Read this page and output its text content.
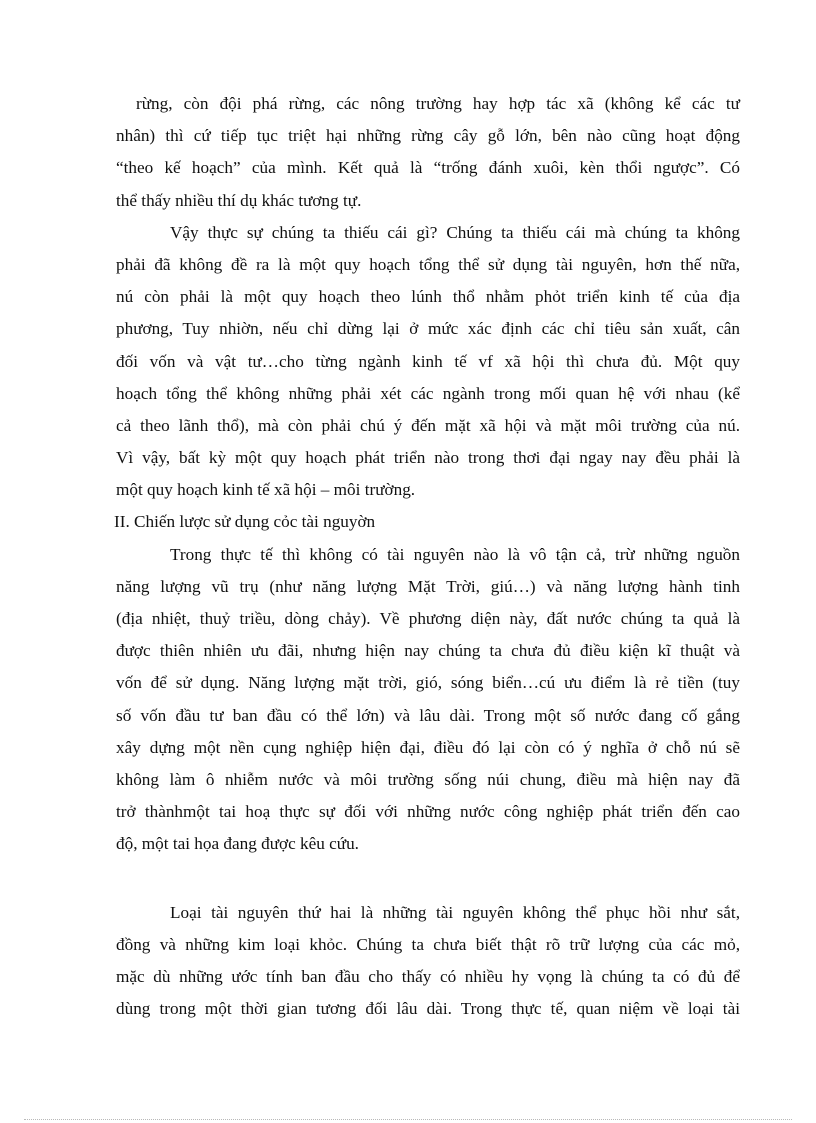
rừng, còn đội phá rừng, các nông trường hay hợp tác xã (không kể các tư
nhân) thì cứ tiếp tục triệt hại những rừng cây gỗ lớn, bên nào cũng hoạt động
“theo kế hoạch” của mình. Kết quả là “trống đánh xuôi, kèn thổi ngược”. Có
thể thấy nhiều thí dụ khác tương tự.
Vậy thực sự chúng ta thiếu cái gì? Chúng ta thiếu cái mà chúng ta không
phải đã không đề ra là một quy hoạch tổng thể sử dụng tài nguyên, hơn thế nữa,
nú còn phải là một quy hoạch theo lúnh thổ nhằm phỏt triển kinh tế của địa
phương, Tuy nhiờn, nếu chỉ dừng lại ở mức xác định các chỉ tiêu sản xuất, cân
đối vốn và vật tư…cho từng ngành kinh tế vf xã hội thì chưa đủ. Một quy
hoạch tổng thể không những phải xét các ngành trong mối quan hệ với nhau (kể
cả theo lãnh thổ), mà còn phải chú ý đến mặt xã hội và mặt môi trường của nú.
Vì vậy, bất kỳ một quy hoạch phát triển nào trong thơi đại ngay nay đều phải là
một quy hoạch kinh tế xã hội – môi trường.
II. Chiến lược sử dụng cỏc tài nguyờn
Trong thực tế thì không có tài nguyên nào là vô tận cả, trừ những nguồn
năng lượng vũ trụ (như năng lượng Mặt Trời, giú…) và năng lượng hành tinh
(địa nhiệt, thuỷ triều, dòng chảy). Về phương diện này, đất nước chúng ta quả là
được thiên nhiên ưu đãi, nhưng hiện nay chúng ta chưa đủ điều kiện kĩ thuật và
vốn để sử dụng. Năng lượng mặt trời, gió, sóng biển…cú ưu điểm là rẻ tiền (tuy
số vốn đầu tư ban đầu có thể lớn) và lâu dài. Trong một số nước đang cố gắng
xây dựng một nền cụng nghiệp hiện đại, điều đó lại còn có ý nghĩa ở chỗ nú sẽ
không làm ô nhiễm nước và môi trường sống núi chung, điều mà hiện nay đã
trở thànhmột tai hoạ thực sự đối với những nước công nghiệp phát triển đến cao
độ, một tai họa đang được kêu cứu.
Loại tài nguyên thứ hai là những tài nguyên không thể phục hồi như sắt,
đồng và những kim loại khỏc. Chúng ta chưa biết thật rõ trữ lượng của các mỏ,
mặc dù những ước tính ban đầu cho thấy có nhiều hy vọng là chúng ta có đủ để
dùng trong một thời gian tương đối lâu dài. Trong thực tế, quan niệm về loại tài
